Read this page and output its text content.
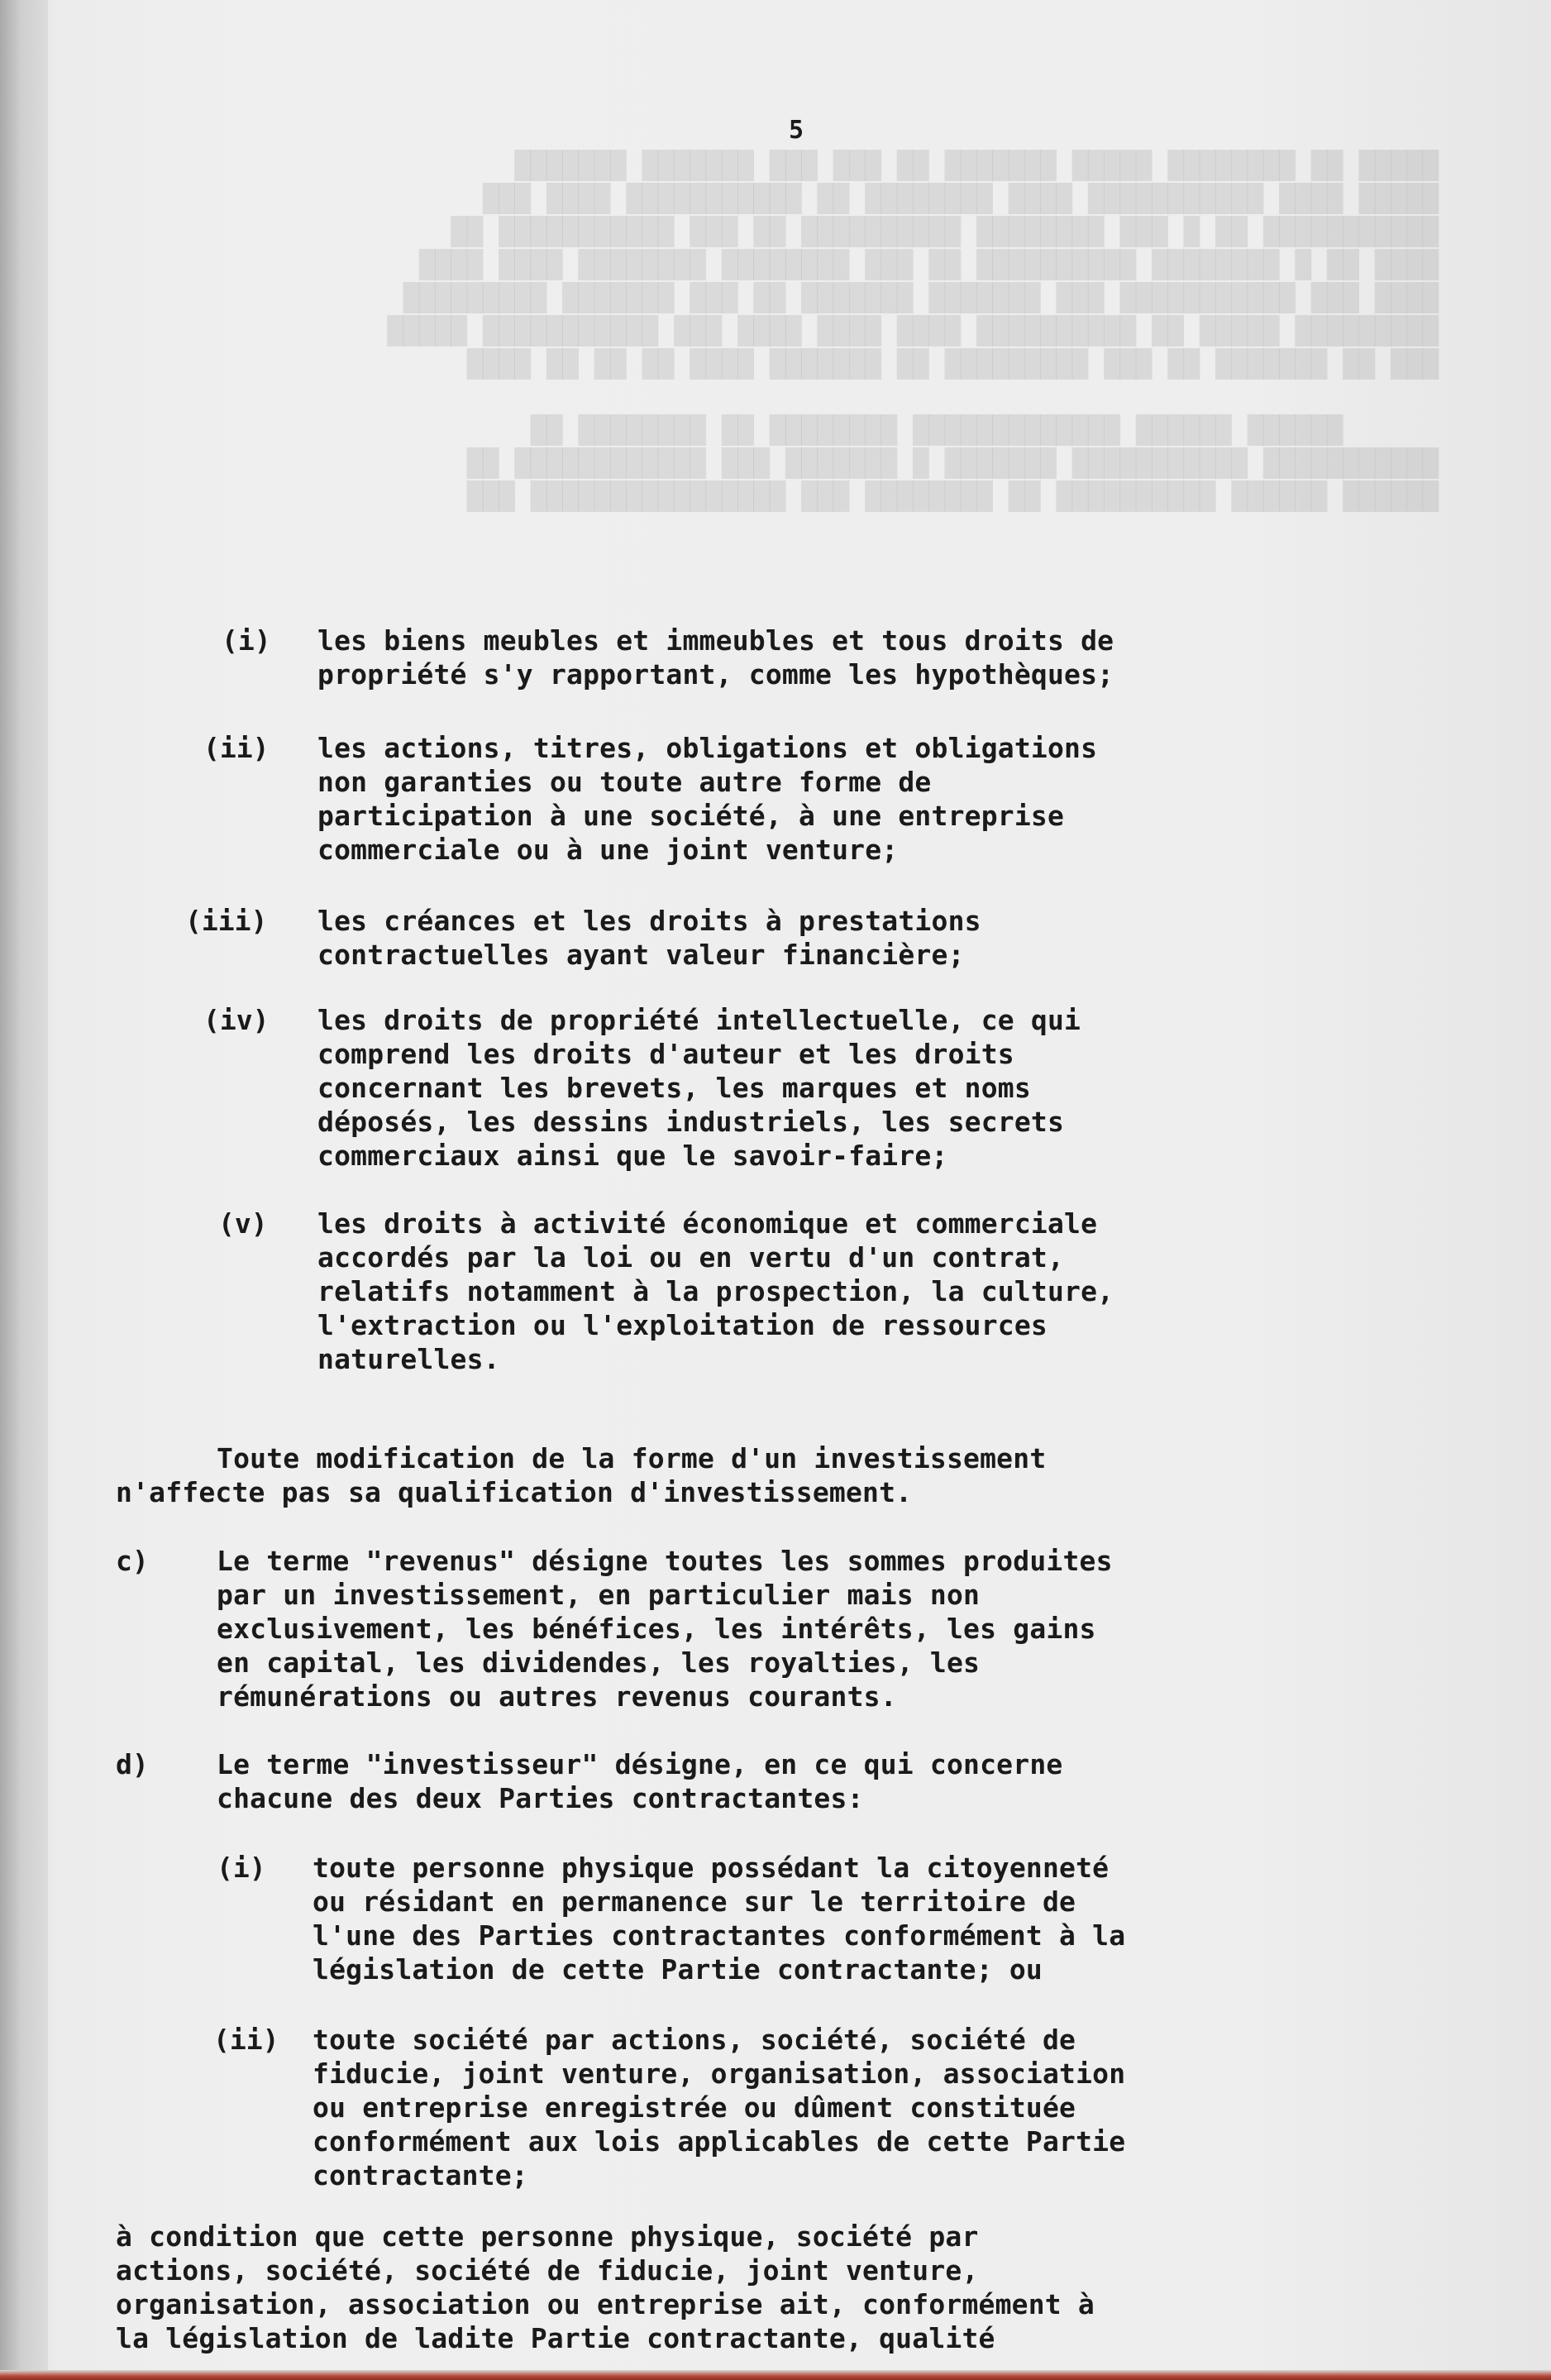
█████ ██ ████████ █████ ███████ ██ ███ ███ ███████ ███████
█████ ████ ███████████ ████ ████████ ██ ███████████ ████ ███
███████████ ██ █ ███ ████████ ██████████ ██ ███ ███████████ ██
████ ██ █ ████████ ██████████ ██ ███ ████████ ████████ ████ ████
████ ███ ███████████ ███ ███████ ███████ ██ ███ ███████ █████████
█████████ █████ ██ ██████████ ████ ████ ████ ███ ███████████ █████
███ ██ ███████ ██ ███ █████████ ██ ███████ ████ ██ ██ ██ ████

██████ ██████ █████████████ ████████ ██ ████████ ██
███████████ ███████████ ███████ █ ███████ ███ ████████████ ██
██████ ██████ ██████████ ██ ████████ ███ ████████████████ ███
5
(i) les biens meubles et immeubles et tous droits de
propriété s'y rapportant, comme les hypothèques;
(ii) les actions, titres, obligations et obligations
non garanties ou toute autre forme de
participation à une société, à une entreprise
commerciale ou à une joint venture;
(iii) les créances et les droits à prestations
contractuelles ayant valeur financière;
(iv) les droits de propriété intellectuelle, ce qui
comprend les droits d'auteur et les droits
concernant les brevets, les marques et noms
déposés, les dessins industriels, les secrets
commerciaux ainsi que le savoir-faire;
(v) les droits à activité économique et commerciale
accordés par la loi ou en vertu d'un contrat,
relatifs notamment à la prospection, la culture,
l'extraction ou l'exploitation de ressources
naturelles.
Toute modification de la forme d'un investissement
n'affecte pas sa qualification d'investissement.
c) Le terme "revenus" désigne toutes les sommes produites
par un investissement, en particulier mais non
exclusivement, les bénéfices, les intérêts, les gains
en capital, les dividendes, les royalties, les
rémunérations ou autres revenus courants.
d) Le terme "investisseur" désigne, en ce qui concerne
chacune des deux Parties contractantes:
(i) toute personne physique possédant la citoyenneté
ou résidant en permanence sur le territoire de
l'une des Parties contractantes conformément à la
législation de cette Partie contractante; ou
(ii) toute société par actions, société, société de
fiducie, joint venture, organisation, association
ou entreprise enregistrée ou dûment constituée
conformément aux lois applicables de cette Partie
contractante;
à condition que cette personne physique, société par
actions, société, société de fiducie, joint venture,
organisation, association ou entreprise ait, conformément à
la législation de ladite Partie contractante, qualité
